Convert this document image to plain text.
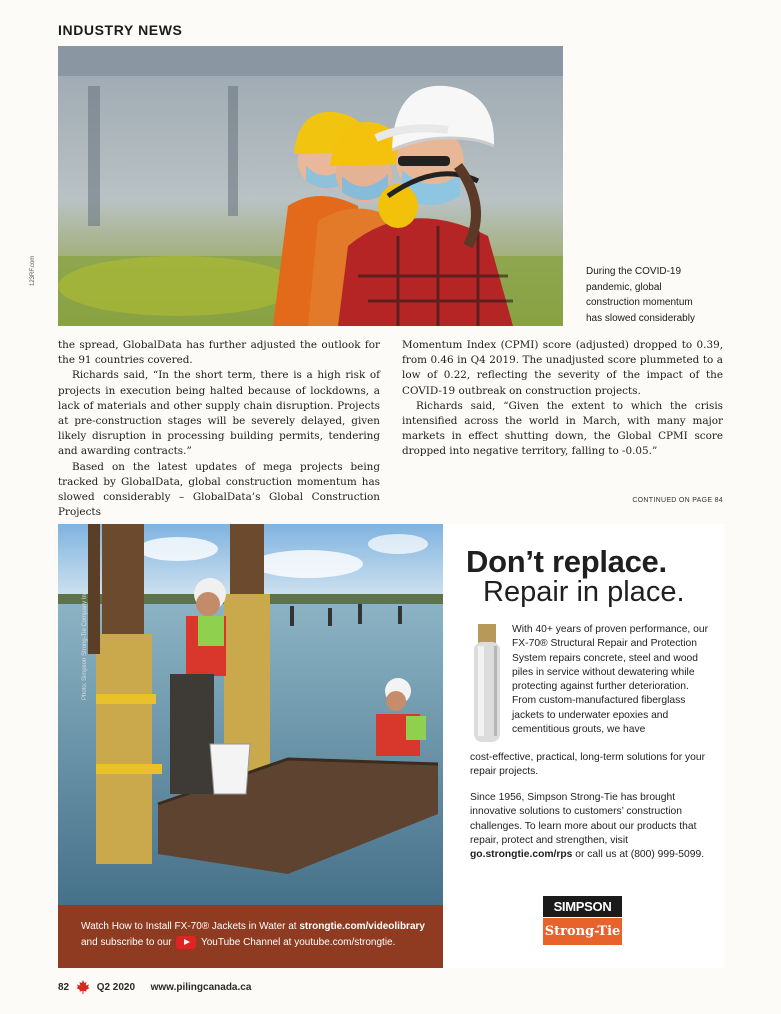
INDUSTRY NEWS
123RF.com	During the COVID-19
pandemic, global
construction momentum
has slowed considerably

the spread, GlobalData has further adjusted the outlook for the 91 countries covered.

Richards said, “In the short term, there is a high risk of projects in execution being halted because of lockdowns, a lack of materials and other supply chain disruption. Projects at pre-construction stages will be severely delayed, given likely disruption in processing building permits, tendering and awarding contracts.”

Based on the latest updates of mega projects being tracked by GlobalData, global construction momentum has slowed considerably – GlobalData’s Global Construction Projects

Momentum Index (CPMI) score (adjusted) dropped to 0.39, from 0.46 in Q4 2019. The unadjusted score plummeted to a low of 0.22, reflecting the severity of the impact of the COVID-19 outbreak on construction projects.

Richards said, “Given the extent to which the crisis intensified across the world in March, with many major markets in effect shutting down, the Global CPMI score dropped into negative territory, falling to -0.05.”

CONTINUED ON PAGE 84
Photo: Simpson Strong-Tie Company Inc.
Watch How to Install FX-70® Jackets in Water at strongtie.com/videolibrary
and subscribe to our  YouTube Channel at youtube.com/strongtie.
Don’t replace.
Repair in place.
With 40+ years of proven performance, our FX-70® Structural Repair and Protection System repairs concrete, steel and wood piles in service without dewatering while protecting against further deterioration. From custom-manufactured fiberglass jackets to underwater epoxies and cementitious grouts, we have
cost-effective, practical, long-term solutions for your repair projects.
Since 1956, Simpson Strong-Tie has brought innovative solutions to customers’ construction challenges. To learn more about our products that repair, protect and strengthen, visit go.strongtie.com/rps or call us at (800) 999-5099.
SIMPSON
Strong-Tie
82	Q2 2020 www.pilingcanada.ca
